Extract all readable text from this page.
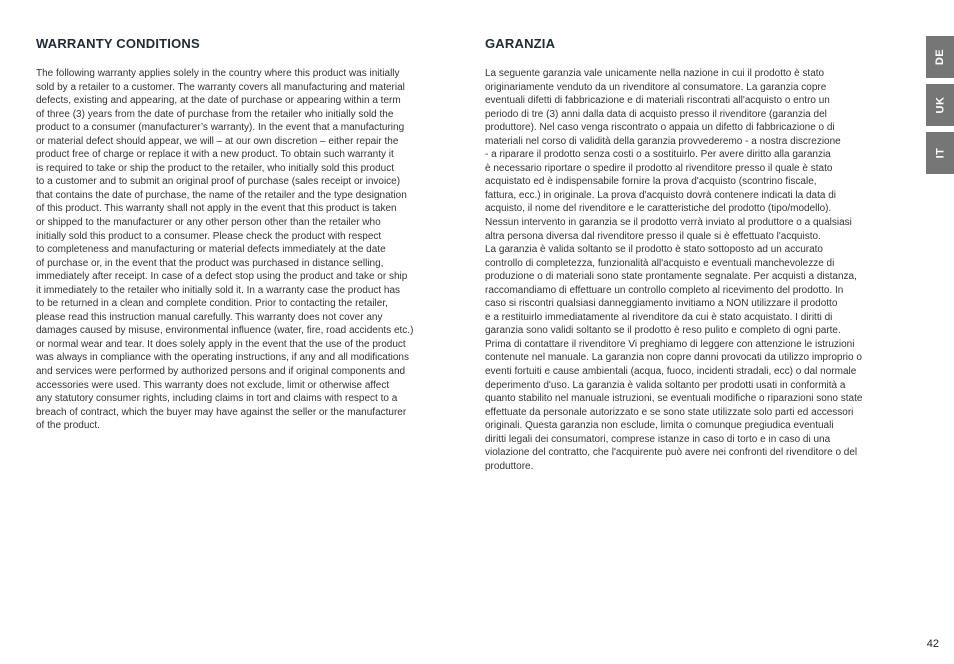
WARRANTY CONDITIONS

The following warranty applies solely in the country where this product was initially
sold by a retailer to a customer. The warranty covers all manufacturing and material
defects, existing and appearing, at the date of purchase or appearing within a term
of three (3) years from the date of purchase from the retailer who initially sold the
product to a consumer (manufacturer’s warranty). In the event that a manufacturing
or material defect should appear, we will – at our own discretion – either repair the
product free of charge or replace it with a new product. To obtain such warranty it
is required to take or ship the product to the retailer, who initially sold this product
to a customer and to submit an original proof of purchase (sales receipt or invoice)
that contains the date of purchase, the name of the retailer and the type designation
of this product. This warranty shall not apply in the event that this product is taken
or shipped to the manufacturer or any other person other than the retailer who
initially sold this product to a consumer. Please check the product with respect
to completeness and manufacturing or material defects immediately at the date
of purchase or, in the event that the product was purchased in distance selling,
immediately after receipt. In case of a defect stop using the product and take or ship
it immediately to the retailer who initially sold it. In a warranty case the product has
to be returned in a clean and complete condition. Prior to contacting the retailer,
please read this instruction manual carefully. This warranty does not cover any
damages caused by misuse, environmental influence (water, fire, road accidents etc.)
or normal wear and tear. It does solely apply in the event that the use of the product
was always in compliance with the operating instructions, if any and all modifications
and services were performed by authorized persons and if original components and
accessories were used. This warranty does not exclude, limit or otherwise affect
any statutory consumer rights, including claims in tort and claims with respect to a
breach of contract, which the buyer may have against the seller or the manufacturer
of the product.

GARANZIA

La seguente garanzia vale unicamente nella nazione in cui il prodotto è stato
originariamente venduto da un rivenditore al consumatore. La garanzia copre
eventuali difetti di fabbricazione e di materiali riscontrati all'acquisto o entro un
periodo di tre (3) anni dalla data di acquisto presso il rivenditore (garanzia del
produttore). Nel caso venga riscontrato o appaia un difetto di fabbricazione o di
materiali nel corso di validità della garanzia provvederemo - a nostra discrezione
- a riparare il prodotto senza costi o a sostituirlo. Per avere diritto alla garanzia
è necessario riportare o spedire il prodotto al rivenditore presso il quale è stato
acquistato ed è indispensabile fornire la prova d'acquisto (scontrino fiscale,
fattura, ecc.) in originale. La prova d'acquisto dovrà contenere indicati la data di
acquisto, il nome del rivenditore e le caratteristiche del prodotto (tipo/modello).
Nessun intervento in garanzia se il prodotto verrà inviato al produttore o a qualsiasi
altra persona diversa dal rivenditore presso il quale si è effettuato l'acquisto.
La garanzia è valida soltanto se il prodotto è stato sottoposto ad un accurato
controllo di completezza, funzionalità all'acquisto e eventuali manchevolezze di
produzione o di materiali sono state prontamente segnalate. Per acquisti a distanza,
raccomandiamo di effettuare un controllo completo al ricevimento del prodotto. In
caso si riscontri qualsiasi danneggiamento invitiamo a NON utilizzare il prodotto
e a restituirlo immediatamente al rivenditore da cui è stato acquistato. I diritti di
garanzia sono validi soltanto se il prodotto è reso pulito e completo di ogni parte.
Prima di contattare il rivenditore Vi preghiamo di leggere con attenzione le istruzioni
contenute nel manuale. La garanzia non copre danni provocati da utilizzo improprio o
eventi fortuiti e cause ambientali (acqua, fuoco, incidenti stradali, ecc) o dal normale
deperimento d'uso. La garanzia è valida soltanto per prodotti usati in conformità a
quanto stabilito nel manuale istruzioni, se eventuali modifiche o riparazioni sono state
effettuate da personale autorizzato e se sono state utilizzate solo parti ed accessori
originali. Questa garanzia non esclude, limita o comunque pregiudica eventuali
diritti legali dei consumatori, comprese istanze in caso di torto e in caso di una
violazione del contratto, che l'acquirente può avere nei confronti del rivenditore o del
produttore.

DE
UK
IT
42
